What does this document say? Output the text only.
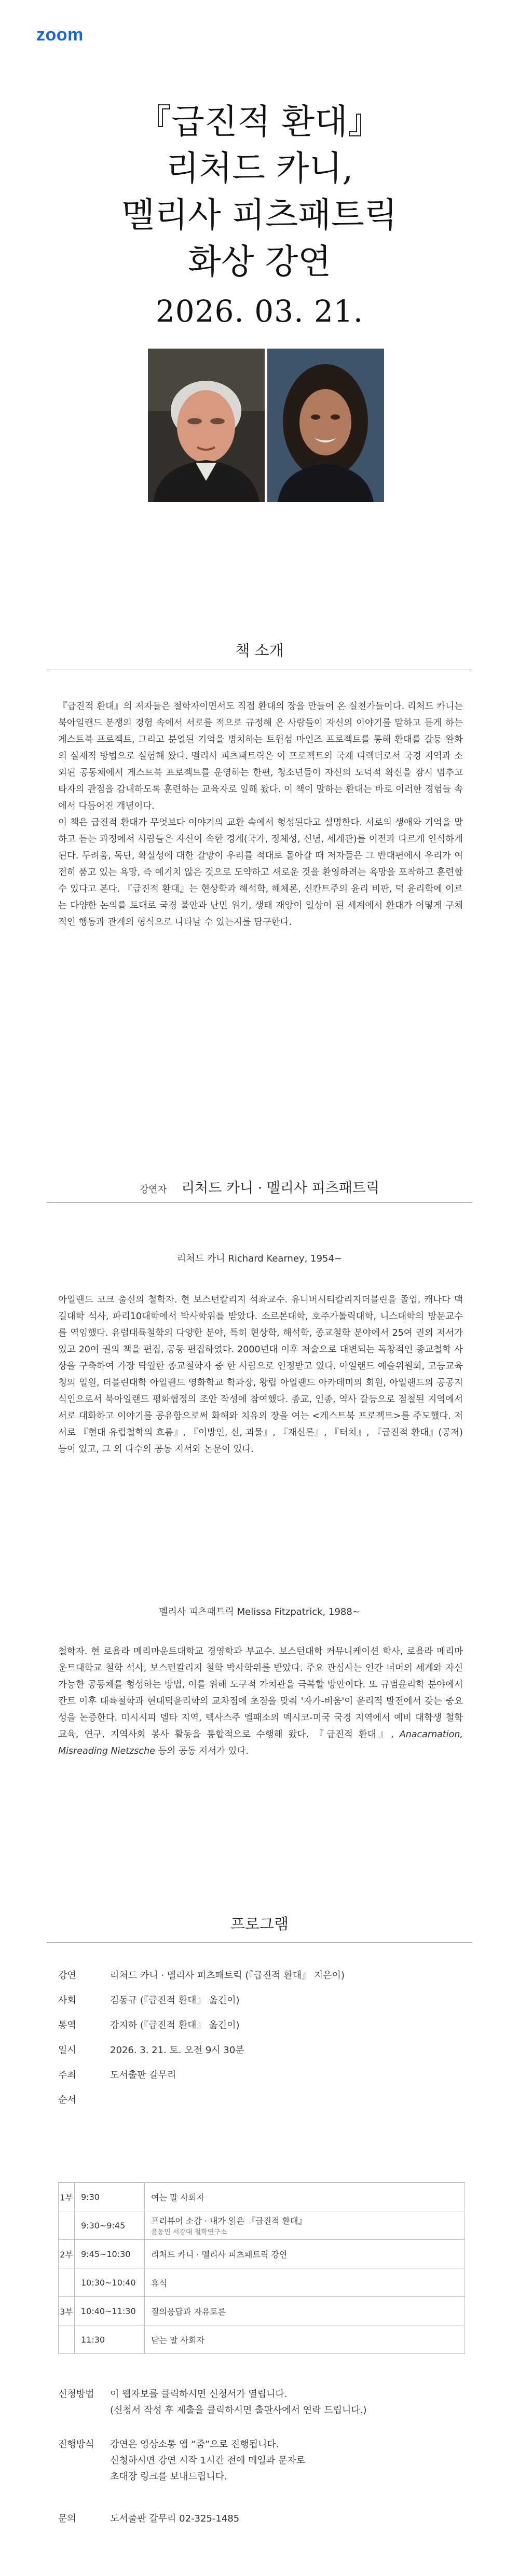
zoom
『급진적 환대』
리처드 카니,
멜리사 피츠패트릭
화상 강연
2026. 03. 21.
책 소개

『급진적 환대』의 저자들은 철학자이면서도 직접 환대의 장을 만들어 온 실천가들이다. 리처드 카니는 북아일랜드 분쟁의 경험 속에서 서로를 적으로 규정해 온 사람들이 자신의 이야기를 말하고 듣게 하는 게스트북 프로젝트, 그리고 분열된 기억을 병치하는 트윈섬 마인즈 프로젝트를 통해 환대를 갈등 완화의 실제적 방법으로 실험해 왔다. 멜리사 피츠패트릭은 이 프로젝트의 국제 디렉터로서 국경 지역과 소외된 공동체에서 게스트북 프로젝트를 운영하는 한편, 청소년들이 자신의 도덕적 확신을 잠시 멈추고 타자의 관점을 감내하도록 훈련하는 교육자로 일해 왔다. 이 책이 말하는 환대는 바로 이러한 경험들 속에서 다듬어진 개념이다.

이 책은 급진적 환대가 무엇보다 이야기의 교환 속에서 형성된다고 설명한다. 서로의 생애와 기억을 말하고 듣는 과정에서 사람들은 자신이 속한 경계(국가, 정체성, 신념, 세계관)를 이전과 다르게 인식하게 된다. 두려움, 독단, 확실성에 대한 갈망이 우리를 적대로 몰아갈 때 저자들은 그 반대편에서 우리가 여전히 품고 있는 욕망, 즉 예기치 않은 것으로 도약하고 새로운 것을 환영하려는 욕망을 포착하고 훈련할 수 있다고 본다. 『급진적 환대』는 현상학과 해석학, 해체론, 신칸트주의 윤리 비판, 덕 윤리학에 이르는 다양한 논의를 토대로 국경 불안과 난민 위기, 생태 재앙이 일상이 된 세계에서 환대가 어떻게 구체적인 행동과 관계의 형식으로 나타날 수 있는지를 탐구한다.

강연자 리처드 카니 · 멜리사 피츠패트릭
리처드 카니 Richard Kearney, 1954~

아일랜드 코크 출신의 철학자. 현 보스턴칼리지 석좌교수. 유니버시티칼리지더블린을 졸업, 캐나다 맥길대학 석사, 파리10대학에서 박사학위를 받았다. 소르본대학, 호주가톨릭대학, 니스대학의 방문교수를 역임했다. 유럽대륙철학의 다양한 분야, 특히 현상학, 해석학, 종교철학 분야에서 25여 권의 저서가 있고 20여 권의 책을 편집, 공동 편집하였다. 2000년대 이후 저술으로 대변되는 독창적인 종교철학 사상을 구축하여 가장 탁월한 종교철학자 중 한 사람으로 인정받고 있다. 아일랜드 예술위원회, 고등교육청의 일원, 더블린대학 아일랜드 영화학교 학과장, 왕립 아일랜드 아카데미의 회원, 아일랜드의 공공지식인으로서 북아일랜드 평화협정의 조안 작성에 참여했다. 종교, 인종, 역사 갈등으로 점철된 지역에서 서로 대화하고 이야기를 공유함으로써 화해와 치유의 장을 여는 <게스트북 프로젝트>를 주도했다. 저서로 『현대 유럽철학의 흐름』, 『이방인, 신, 괴물』, 『재신론』, 『터치』, 『급진적 환대』(공저) 등이 있고, 그 외 다수의 공동 저서와 논문이 있다.

멜리사 피츠패트릭 Melissa Fitzpatrick, 1988~

철학자. 현 로욜라 메리마운트대학교 경영학과 부교수. 보스턴대학 커뮤니케이션 학사, 로욜라 메리마운트대학교 철학 석사, 보스턴칼리지 철학 박사학위를 받았다. 주요 관심사는 인간 너머의 세계와 자신 가능한 공동체를 형성하는 방법, 이를 위해 도구적 가치관을 극복할 방안이다. 또 규범윤리학 분야에서 칸트 이후 대륙철학과 현대덕윤리학의 교차점에 초점을 맞춰 '자가-비움'이 윤리적 발전에서 갖는 중요성을 논증한다. 미시시피 델타 지역, 텍사스주 엘패소의 멕시코-미국 국경 지역에서 예비 대학생 철학 교육, 연구, 지역사회 봉사 활동을 통합적으로 수행해 왔다. 『급진적 환대』, Anacarnation, Misreading Nietzsche 등의 공동 저서가 있다.

프로그램
강연	리처드 카니 · 멜리사 피츠패트릭 (『급진적 환대』 지은이)
사회	김동규 (『급진적 환대』 옮긴이)
통역	강지하 (『급진적 환대』 옮긴이)
일시	2026. 3. 21. 토. 오전 9시 30분
주최	도서출판 갈무리
순서
1부	9:30	여는 말 사회자
	9:30~9:45	프리뷰어 소감 · 내가 읽은 『급진적 환대』
윤동민 서강대 철학연구소

2부	9:45~10:30	리처드 카니 · 멜리사 피츠패트릭 강연
	10:30~10:40	휴식
3부	10:40~11:30	질의응답과 자유토론
	11:30	닫는 말 사회자
신청방법 이 웹자보를 클릭하시면 신청서가 열립니다.
(신청서 작성 후 제출을 클릭하시면 출판사에서 연락 드립니다.)
진행방식 강연은 영상소통 앱 “줌”으로 진행됩니다.
신청하시면 강연 시작 1시간 전에 메일과 문자로
초대장 링크를 보내드립니다.
문의	도서출판 갈무리 02-325-1485
